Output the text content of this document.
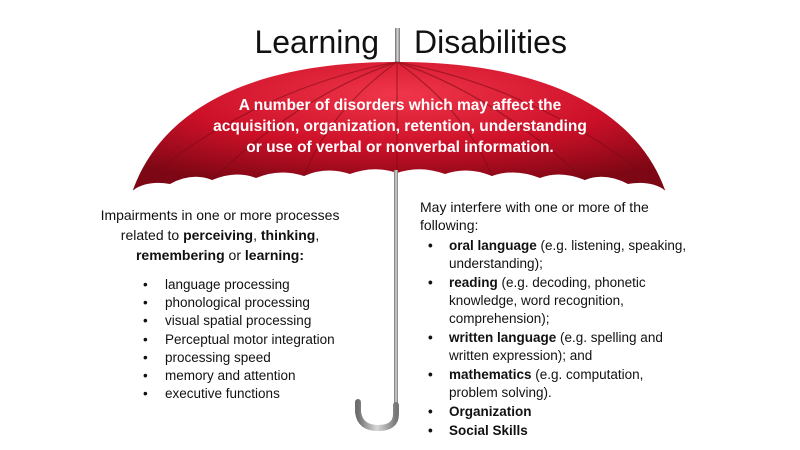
Learning Disabilities
A number of disorders which may affect the acquisition, organization, retention, understanding or use of verbal or nonverbal information.
Impairments in one or more processes related to perceiving, thinking, remembering or learning:
• language processing
• phonological processing
• visual spatial processing
• Perceptual motor integration
• processing speed
• memory and attention
• executive functions
May interfere with one or more of the following:
• oral language (e.g. listening, speaking, understanding);
• reading (e.g. decoding, phonetic knowledge, word recognition, comprehension);
• written language (e.g. spelling and written expression); and
• mathematics (e.g. computation, problem solving).
• Organization
• Social Skills
